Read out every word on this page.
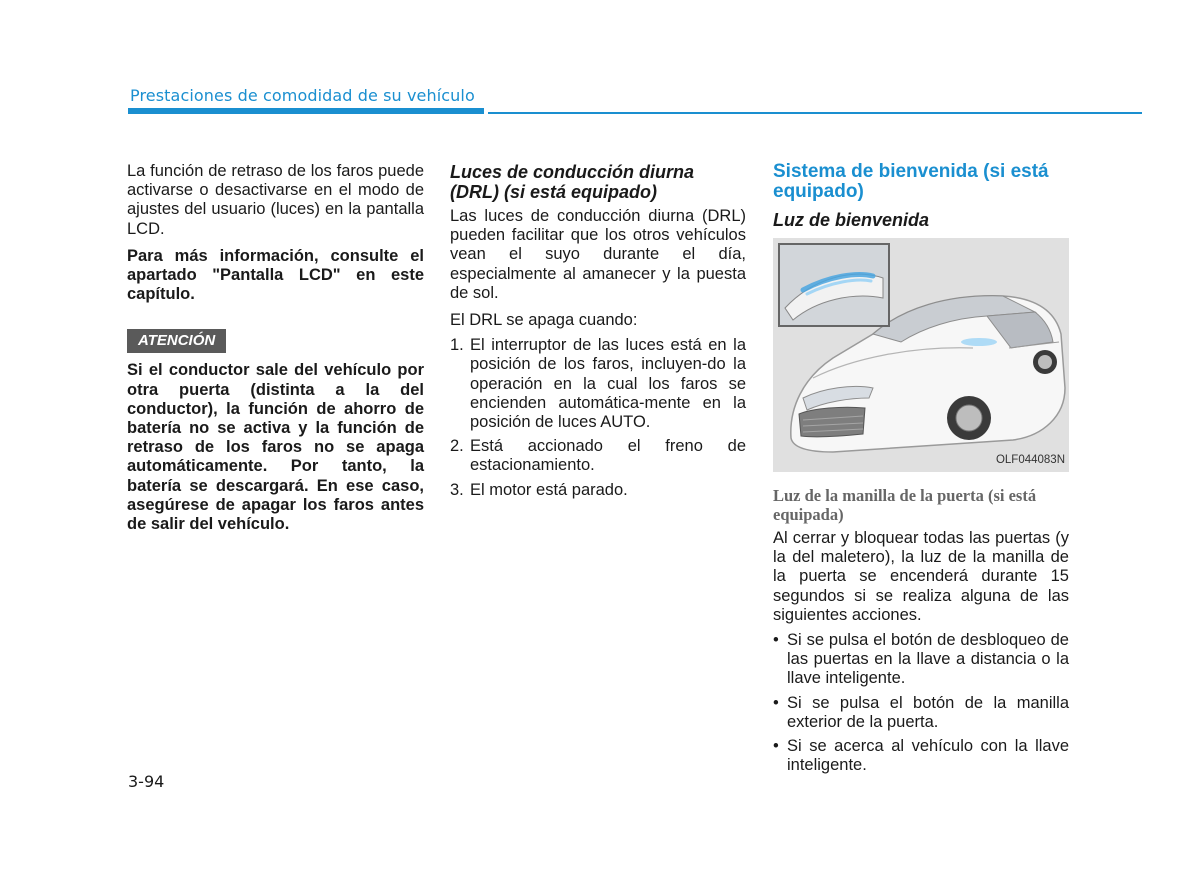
Prestaciones de comodidad de su vehículo

La función de retraso de los faros puede activarse o desactivarse en el modo de ajustes del usuario (luces) en la pantalla LCD.

Para más información, consulte el apartado "Pantalla LCD" en este capítulo.

ATENCIÓN

Si el conductor sale del vehículo por otra puerta (distinta a la del conductor), la función de ahorro de batería no se activa y la función de retraso de los faros no se apaga automáticamente. Por tanto, la batería se descargará. En ese caso, asegúrese de apagar los faros antes de salir del vehículo.

Luces de conducción diurna (DRL) (si está equipado)

Las luces de conducción diurna (DRL) pueden facilitar que los otros vehículos vean el suyo durante el día, especialmente al amanecer y la puesta de sol.

El DRL se apaga cuando:

1. El interruptor de las luces está en la posición de los faros, incluyen-do la operación en la cual los faros se encienden automática-mente en la posición de luces AUTO.
2. Está accionado el freno de estacionamiento.
3. El motor está parado.
Sistema de bienvenida (si está equipado)
Luz de bienvenida
OLF044083N
Luz de la manilla de la puerta (si está equipada)

Al cerrar y bloquear todas las puertas (y la del maletero), la luz de la manilla de la puerta se encenderá durante 15 segundos si se realiza alguna de las siguientes acciones.

• Si se pulsa el botón de desbloqueo de las puertas en la llave a distancia o la llave inteligente.
• Si se pulsa el botón de la manilla exterior de la puerta.
• Si se acerca al vehículo con la llave inteligente.
3-94
